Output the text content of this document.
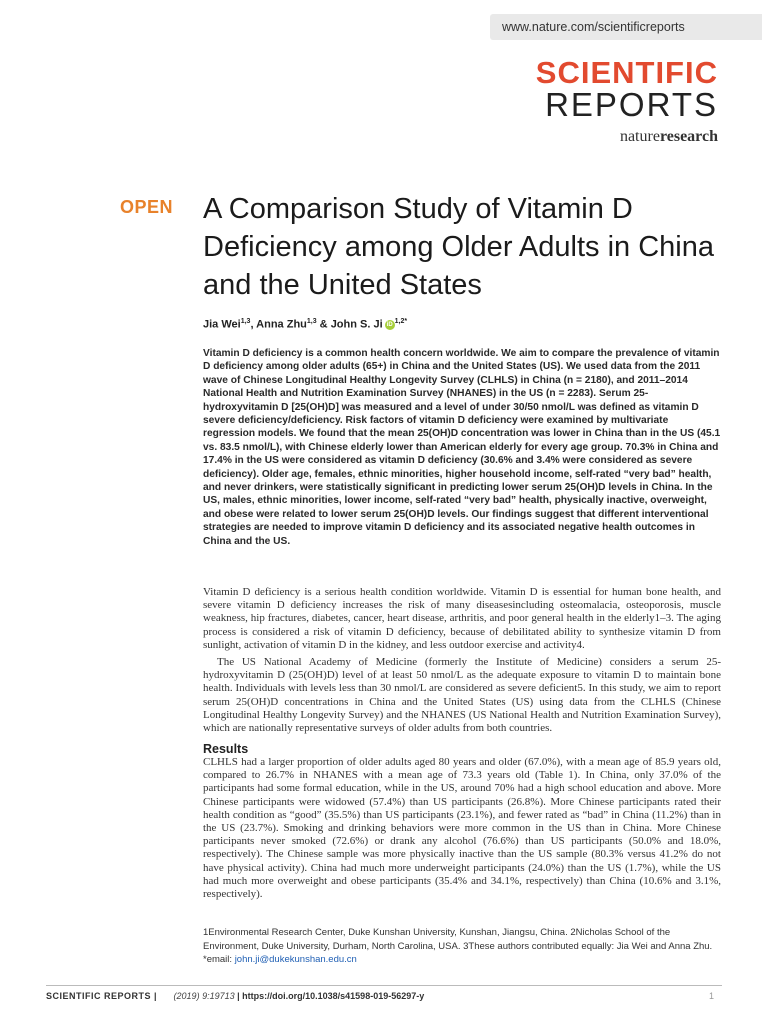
www.nature.com/scientificreports
SCIENTIFIC
REPORTS
natureresearch
OPEN A Comparison Study of Vitamin D Deficiency among Older Adults in China and the United States
Jia Wei$^{1,3}$, Anna Zhu$^{1,3}$ & John S. Ji iD $^{1,2*}$

Vitamin D deficiency is a common health concern worldwide. We aim to compare the prevalence of vitamin D deficiency among older adults (65+) in China and the United States (US). We used data from the 2011 wave of Chinese Longitudinal Healthy Longevity Survey (CLHLS) in China (n = 2180), and 2011–2014 National Health and Nutrition Examination Survey (NHANES) in the US (n = 2283). Serum 25-hydroxyvitamin D [25(OH)D] was measured and a level of under 30/50 nmol/L was defined as vitamin D severe deficiency/deficiency. Risk factors of vitamin D deficiency were examined by multivariate regression models. We found that the mean 25(OH)D concentration was lower in China than in the US (45.1 vs. 83.5 nmol/L), with Chinese elderly lower than American elderly for every age group. 70.3% in China and 17.4% in the US were considered as vitamin D deficiency (30.6% and 3.4% were considered as severe deficiency). Older age, females, ethnic minorities, higher household income, self-rated “very bad” health, and never drinkers, were statistically significant in predicting lower serum 25(OH)D levels in China. In the US, males, ethnic minorities, lower income, self-rated “very bad” health, physically inactive, overweight, and obese were related to lower serum 25(OH)D levels. Our findings suggest that different interventional strategies are needed to improve vitamin D deficiency and its associated negative health outcomes in China and the US.

Vitamin D deficiency is a serious health condition worldwide. Vitamin D is essential for human bone health, and severe vitamin D deficiency increases the risk of many diseasesincluding osteomalacia, osteoporosis, muscle weakness, hip fractures, diabetes, cancer, heart disease, arthritis, and poor general health in the elderly1–3. The aging process is considered a risk of vitamin D deficiency, because of debilitated ability to synthesize vitamin D from sunlight, activation of vitamin D in the kidney, and less outdoor exercise and activity4.

The US National Academy of Medicine (formerly the Institute of Medicine) considers a serum 25-hydroxyvitamin D (25(OH)D) level of at least 50 nmol/L as the adequate exposure to vitamin D to maintain bone health. Individuals with levels less than 30 nmol/L are considered as severe deficient5. In this study, we aim to report serum 25(OH)D concentrations in China and the United States (US) using data from the CLHLS (Chinese Longitudinal Healthy Longevity Survey) and the NHANES (US National Health and Nutrition Examination Survey), which are nationally representative surveys of older adults from both countries.

Results

CLHLS had a larger proportion of older adults aged 80 years and older (67.0%), with a mean age of 85.9 years old, compared to 26.7% in NHANES with a mean age of 73.3 years old (Table 1). In China, only 37.0% of the participants had some formal education, while in the US, around 70% had a high school education and above. More Chinese participants were widowed (57.4%) than US participants (26.8%). More Chinese participants rated their health condition as “good” (35.5%) than US participants (23.1%), and fewer rated as “bad” in China (11.2%) than in the US (23.7%). Smoking and drinking behaviors were more common in the US than in China. More Chinese participants never smoked (72.6%) or drank any alcohol (76.6%) than US participants (50.0% and 18.0%, respectively). The Chinese sample was more physically inactive than the US sample (80.3% versus 41.2% do not have physical activity). China had much more underweight participants (24.0%) than the US (1.7%), while the US had much more overweight and obese participants (35.4% and 34.1%, respectively) than China (10.6% and 3.1%, respectively).

1Environmental Research Center, Duke Kunshan University, Kunshan, Jiangsu, China. 2Nicholas School of the Environment, Duke University, Durham, North Carolina, USA. 3These authors contributed equally: Jia Wei and Anna Zhu. *email: john.ji@dukekunshan.edu.cn
SCIENTIFIC REPORTS | (2019) 9:19713 | https://doi.org/10.1038/s41598-019-56297-y	1
